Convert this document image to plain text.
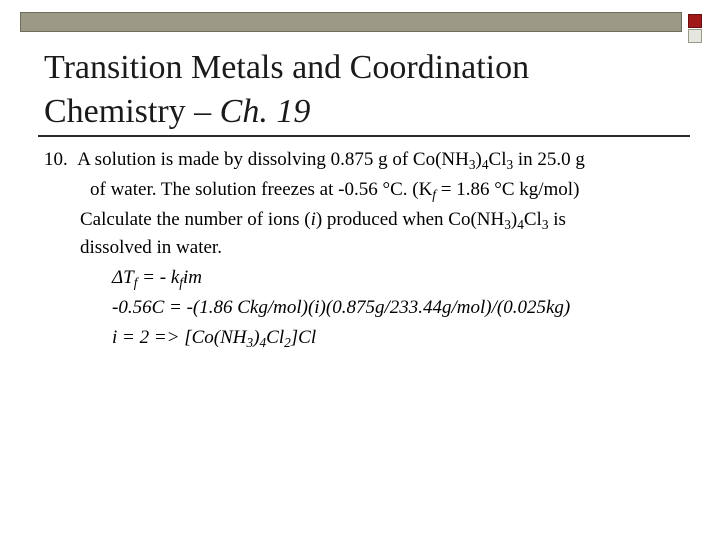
Transition Metals and Coordination
Chemistry – Ch. 19
10. A solution is made by dissolving 0.875 g of $Co(NH_3)_4Cl_3$ in 25.0 g
of water. The solution freezes at -0.56 °C. ($K_f = 1.86$ °C kg/mol)
Calculate the number of ions (i) produced when $Co(NH_3)_4Cl_3$ is
dissolved in water.
$\Delta T_f$ = - $k_fim$
-0.56C = -(1.86 Ckg/mol)(i)(0.875g/233.44g/mol)/(0.025kg)
$i = 2 => [Co(NH_3)_4Cl_2]Cl$
